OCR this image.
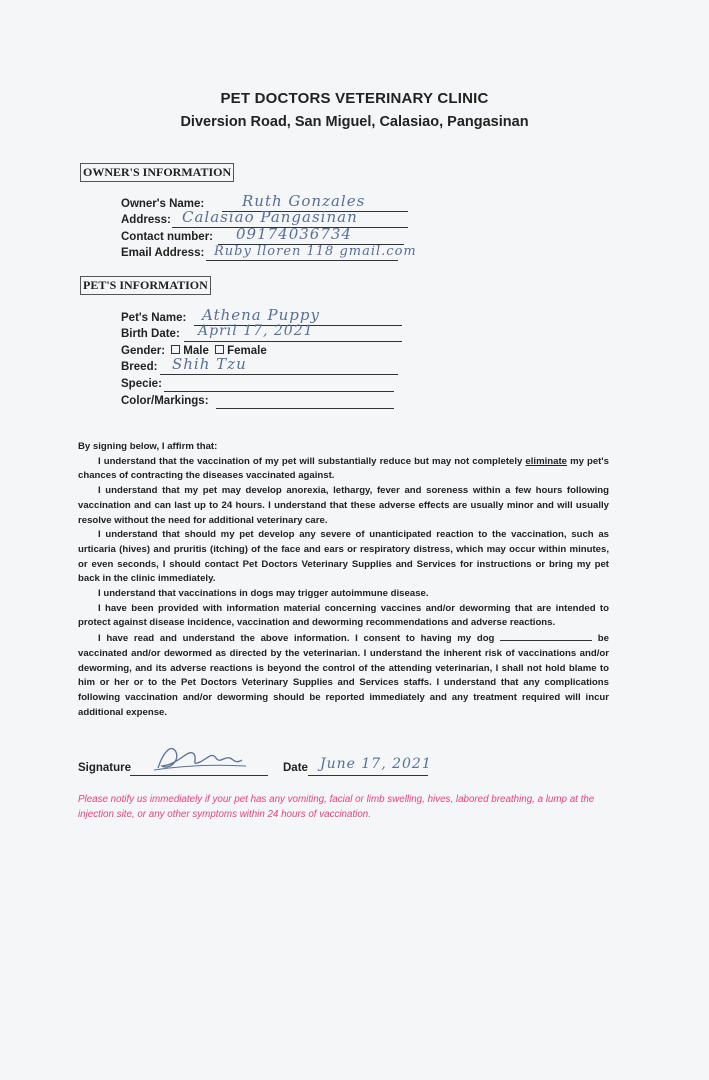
PET DOCTORS VETERINARY CLINIC
Diversion Road, San Miguel, Calasiao, Pangasinan
OWNER'S INFORMATION
Owner's Name:	Ruth Gonzales
Address: Calasiao Pangasinan
Contact number: 09174036734
Email Address: Ruby lloren 118 gmail.com
PET'S INFORMATION
Pet's Name: Athena Puppy
Birth Date: April 17, 2021
Gender: Male Female
Breed: Shih Tzu
Specie:
Color/Markings:

By signing below, I affirm that:

I understand that the vaccination of my pet will substantially reduce but may not completely eliminate my pet's chances of contracting the diseases vaccinated against.

I understand that my pet may develop anorexia, lethargy, fever and soreness within a few hours following vaccination and can last up to 24 hours. I understand that these adverse effects are usually minor and will usually resolve without the need for additional veterinary care.

I understand that should my pet develop any severe of unanticipated reaction to the vaccination, such as urticaria (hives) and pruritis (itching) of the face and ears or respiratory distress, which may occur within minutes, or even seconds, I should contact Pet Doctors Veterinary Supplies and Services for instructions or bring my pet back in the clinic immediately.

I understand that vaccinations in dogs may trigger autoimmune disease.

I have been provided with information material concerning vaccines and/or deworming that are intended to protect against disease incidence, vaccination and deworming recommendations and adverse reactions.

I have read and understand the above information. I consent to having my dog	be vaccinated and/or dewormed as directed by the veterinarian. I understand the inherent risk of vaccinations and/or deworming, and its adverse reactions is beyond the control of the attending veterinarian, I shall not hold blame to him or her or to the Pet Doctors Veterinary Supplies and Services staffs. I understand that any complications following vaccination and/or deworming should be reported immediately and any treatment required will incur additional expense.

Signature	Date June 17, 2021
Please notify us immediately if your pet has any vomiting, facial or limb swelling, hives, labored breathing, a lump at the injection site, or any other symptoms within 24 hours of vaccination.
